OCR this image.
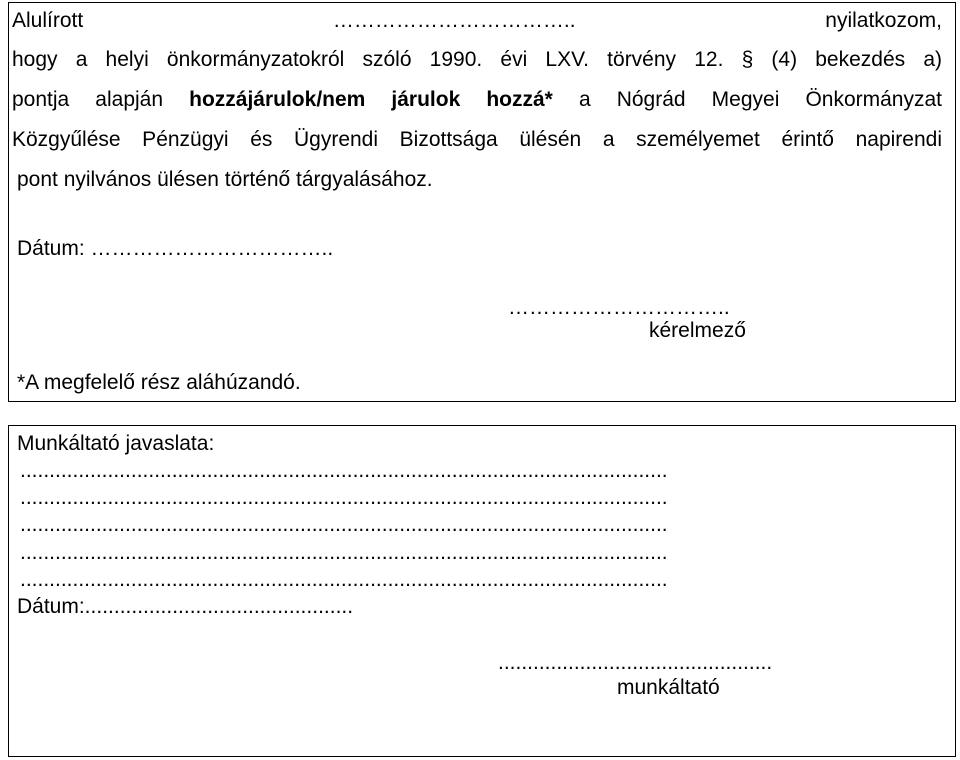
Alulírott …………………………….. nyilatkozom,
hogy a helyi önkormányzatokról szóló 1990. évi LXV. törvény 12. § (4) bekezdés a)
pontja alapján hozzájárulok/nem járulok hozzá* a Nógrád Megyei Önkormányzat
Közgyűlése Pénzügyi és Ügyrendi Bizottsága ülésén a személyemet érintő napirendi
pont nyilvános ülésen történő tárgyalásához.
Dátum: ……………………………..
…………………………..
kérelmező
*A megfelelő rész aláhúzandó.
Munkáltató javaslata:
...............................................................................................................
...............................................................................................................
...............................................................................................................
...............................................................................................................
...............................................................................................................
Dátum:..............................................
...............................................
munkáltató
